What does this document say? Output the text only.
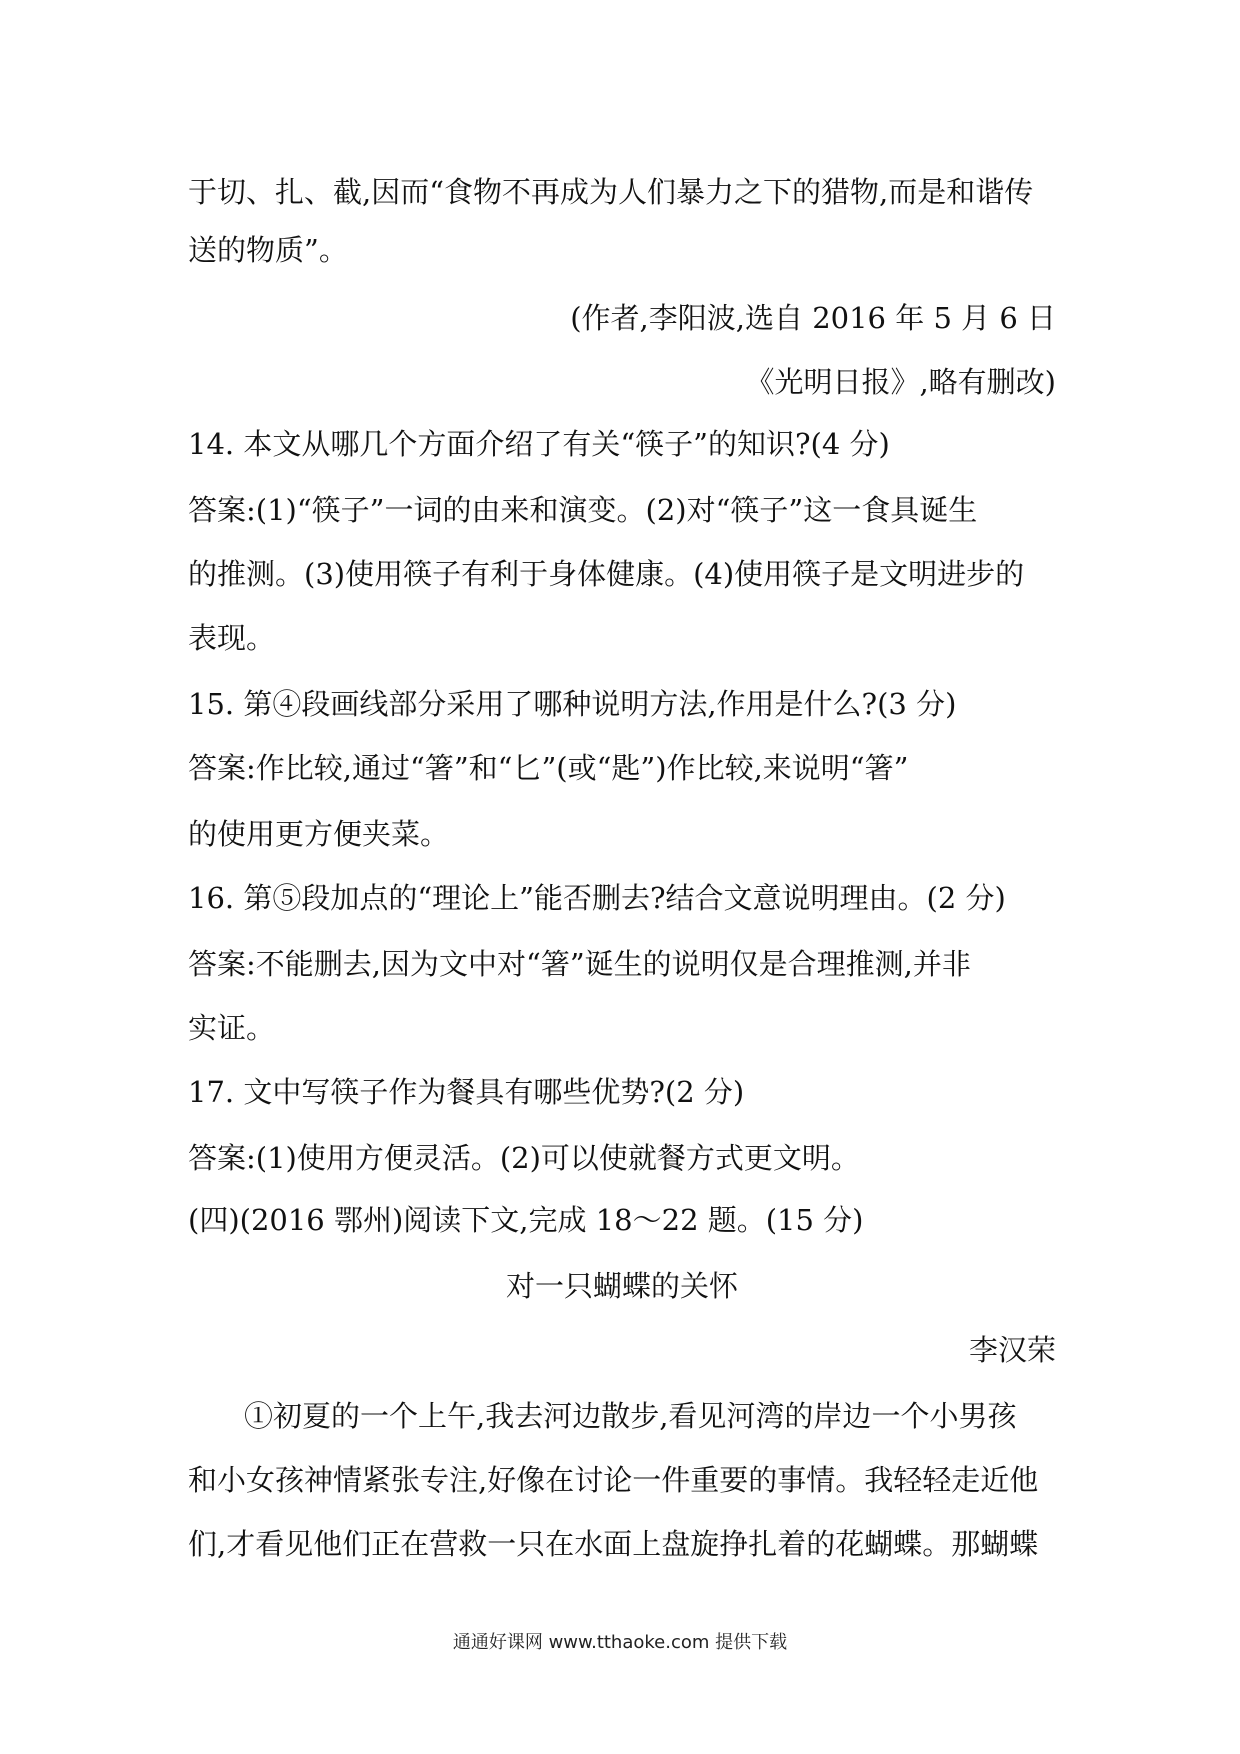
于切、扎、截,因而“食物不再成为人们暴力之下的猎物,而是和谐传
送的物质”。
(作者,李阳波,选自 2016 年 5 月 6 日
《光明日报》,略有删改)
14. 本文从哪几个方面介绍了有关“筷子”的知识?(4 分)
答案:(1)“筷子”一词的由来和演变。(2)对“筷子”这一食具诞生
的推测。(3)使用筷子有利于身体健康。(4)使用筷子是文明进步的
表现。
15. 第④段画线部分采用了哪种说明方法,作用是什么?(3 分)
答案:作比较,通过“箸”和“匕”(或“匙”)作比较,来说明“箸”
的使用更方便夹菜。
16. 第⑤段加点的“理论上”能否删去?结合文意说明理由。(2 分)
答案:不能删去,因为文中对“箸”诞生的说明仅是合理推测,并非
实证。
17. 文中写筷子作为餐具有哪些优势?(2 分)
答案:(1)使用方便灵活。(2)可以使就餐方式更文明。
(四)(2016 鄂州)阅读下文,完成 18～22 题。(15 分)
对一只蝴蝶的关怀
李汉荣
①初夏的一个上午,我去河边散步,看见河湾的岸边一个小男孩
和小女孩神情紧张专注,好像在讨论一件重要的事情。我轻轻走近他
们,才看见他们正在营救一只在水面上盘旋挣扎着的花蝴蝶。那蝴蝶
通通好课网 www.tthaoke.com 提供下载
